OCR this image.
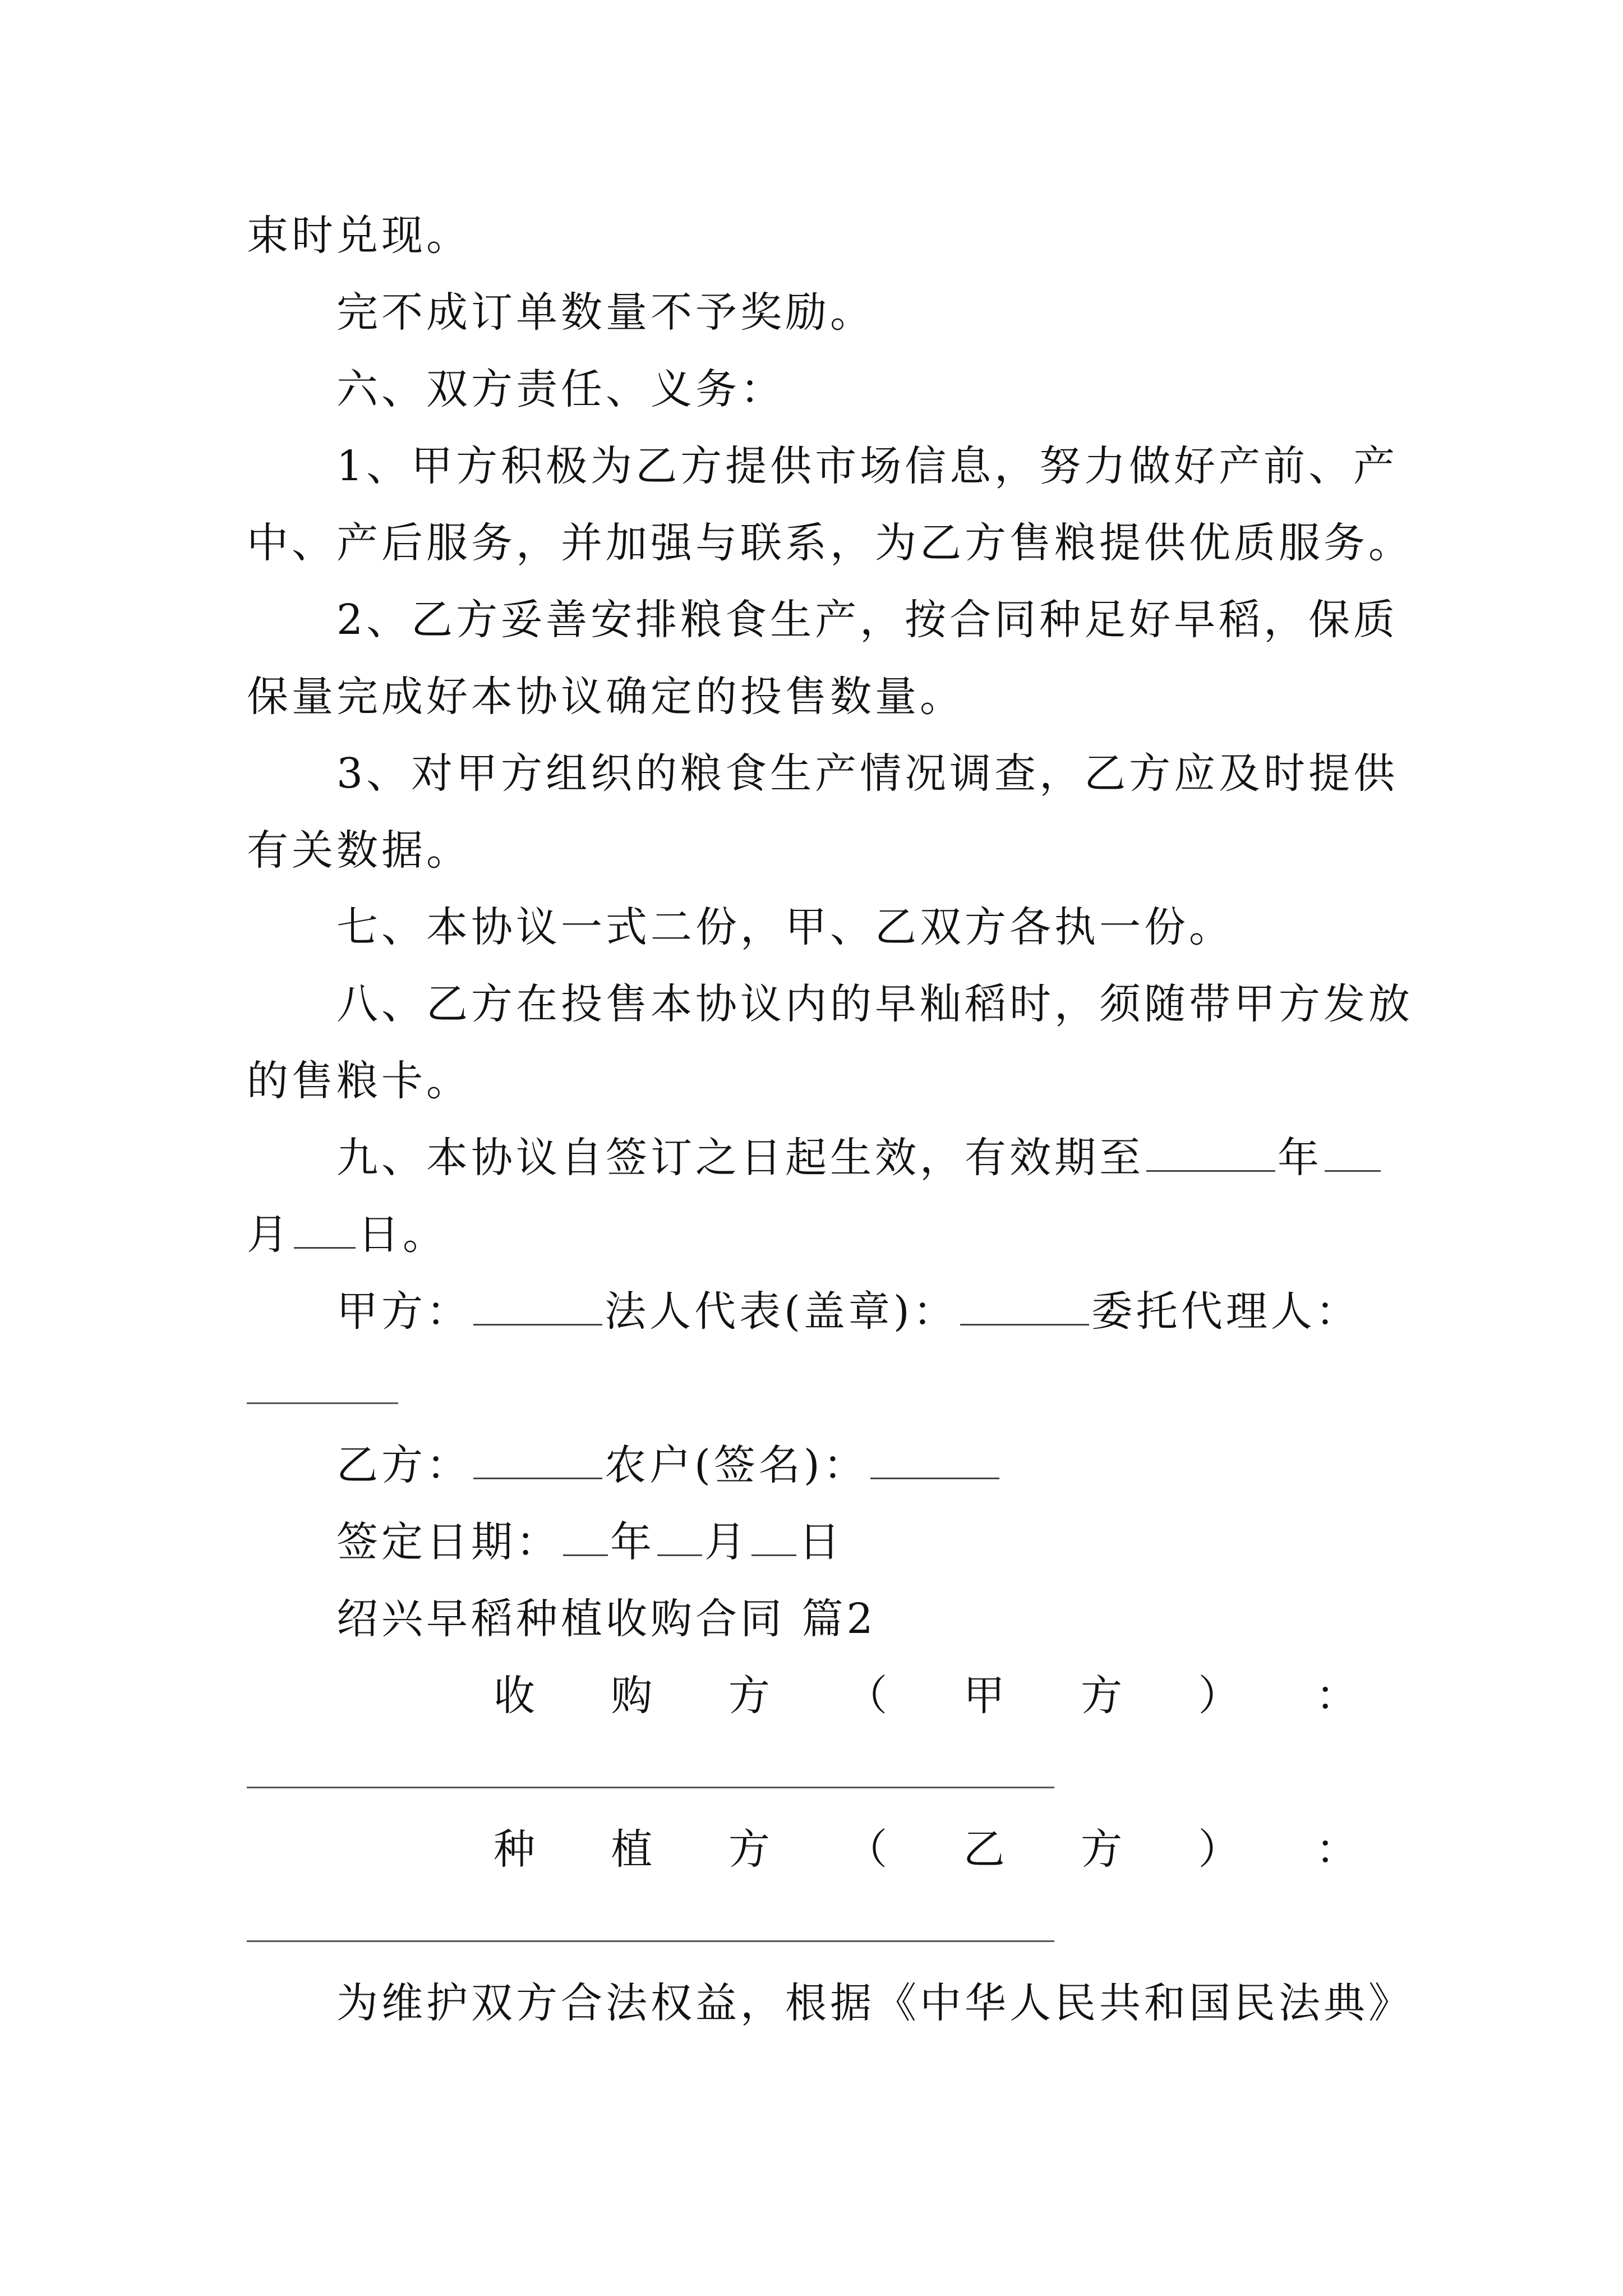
束时兑现。
完不成订单数量不予奖励。
六、双方责任、义务：
1、甲方积极为乙方提供市场信息，努力做好产前、产
中、产后服务，并加强与联系，为乙方售粮提供优质服务。
2、乙方妥善安排粮食生产，按合同种足好早稻，保质
保量完成好本协议确定的投售数量。
3、对甲方组织的粮食生产情况调查，乙方应及时提供
有关数据。
七、本协议一式二份，甲、乙双方各执一份。
八、乙方在投售本协议内的早籼稻时，须随带甲方发放
的售粮卡。
九、本协议自签订之日起生效，有效期至	年
月 日。
甲方：	法人代表(盖章)：	委托代理人：
乙方：	农户(签名)：
签定日期： 年 月 日
绍兴早稻种植收购合同 篇2
收 购 方 （ 甲 方 ） ：
种 植 方 （ 乙 方 ） ：
为维护双方合法权益，根据《中华人民共和国民法典》
